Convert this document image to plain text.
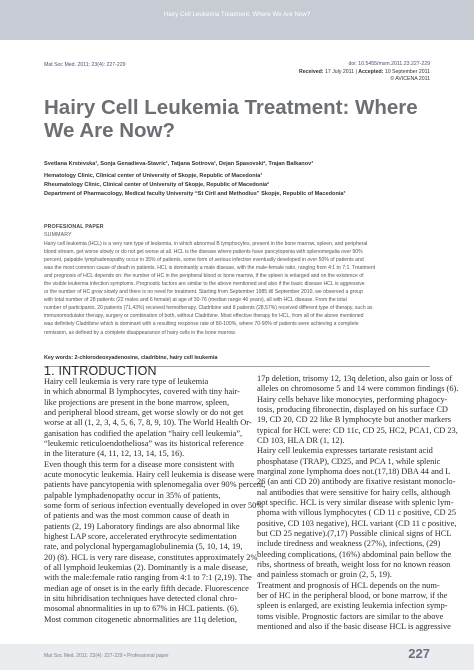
Hairy Cell Leukemia Treatment: Where We Are Now?
Mat Soc Med. 2011; 23(4): 227-229	doi: 10.5455/msm.2011.23.227-229
Received: 17 July 2011 | Accepted: 10 September 2011
© AVICENA 2011
Hairy Cell Leukemia Treatment: Where We Are Now?
Svetlana Krstevska¹, Sonja Genadieva-Stavric¹, Tatjana Sotirova¹, Dejan Spasovski², Trajan Balkanov³
Hematology Clinic, Clinical center of University of Skopje, Republic of Macedonia¹
Rheumatology Clinic, Clinical center of University of Skopje, Republic of Macedonia²
Department of Pharmacology, Medical faculty University “St Ciril and Methodius” Skopje, Republic of Macedonia³
PROFESIONAL PAPER
SUMMARY
Hairy cell leukemia (HCL) is a very rare type of leukemia, in which abnormal B lymphocytes, present in the bone marrow, spleen, and peripheral
blood stream, get worse slowly or do not get worse at all. HCL is the disease where patients have pancytopenia with splenomegalia over 90%
percent, palpable lymphadenopathy occur in 35% of patients, some form of serious infection eventually developed in over 50% of patients and
was the most common cause of death in patients. HCL is dominantly a male disease, with the male-female ratio, ranging from 4:1 to 7:1. Treatment
and prognosis of HCL depends on: the number of HC in the peripheral blood or bone marrow, if the spleen is enlarged and on the existence of
the visible leukemia infection symptoms. Prognostic factors are similar to the above mentioned and also if the basic disease HCL is aggressive
or the number of HC grow slowly and there is no need for treatment. Starting from September 1985 till September 2010, we observed a group
with total number of 28 patients (22 males and 6 female) at age of 30-76 (median range 46 years), all with HCL disease. From the total
number of participants, 20 patients (71,43%) received hemotherapy, Cladribine and 8 patients (28,57%) received different type of therapy, such as
immunomodulator therapy, surgery or combination of both, without Cladribine. Most effective therapy for HCL, from all of the above mentioned
was definitely Cladribine which is dominant with a resulting response rate of 80-100%, where 70-90% of patients were achieving a complete
remission, as defined by a complete disappearance of hairy cells in the bone marrow.
Key words: 2-chlorodeoxyadenosine, cladribine, hairy cell leukemia
1. INTRODUCTION
Hairy cell leukemia is very rare type of leukemia
in which abnormal B lymphocytes, covered with tiny hair-
like projections are present in the bone marrow, spleen,
and peripheral blood stream, get worse slowly or do not get
worse at all (1, 2, 3, 4, 5, 6, 7, 8, 9, 10). The World Health Or-
ganisation has codified the apelation “hairy cell leukemia”,
“leukemic reticuloendotheliosa” was its historical reference
in the literature (4, 11, 12, 13, 14, 15, 16).
Even though this term for a disease more consistent with
acute monocytic leukemia. Hairy cell leukemia is disease were
patients have pancytopenia with splenomegalia over 90% percent,
palpable lymphadenopathy occur in 35% of patients,
some form of serious infection eventually developed in over 50%
of patients and was the most common cause of death in
patients (2, 19) Laboratory findings are also abnormal like
highest LAP score, accelerated erythrocyte sedimentation
rate, and polyclonal hypergamaglobulinemia (5, 10, 14, 19,
20) (8). HCL is very rare disease, constitutes approximately 2%
of all lymphoid leukemias (2). Dominantly is a male disease,
with the male:female ratio ranging from 4:1 to 7:1 (2,19). The
median age of onset is in the early fifth decade. Fluorescence
in situ hibridisation techniques have detected clonal chro-
mosomal abnormalities in up to 67% in HCL patients. (6).
Most common citogenetic abnormalities are 11q deletion,
17p deletion, trisomy 12, 13q deletion, also gain or loss of
alleles on chromosome 5 and 14 were common findings (6).
Hairy cells behave like monocytes, performing phagocy-
tosis, producing fibronectin, displayed on his surface CD
19, CD 20, CD 22 like B lymphocyte but another markers
typical for HCL were: CD 11c, CD 25, HC2, PCA1, CD 23,
CD 103, HLA DR (1, 12).
Hairy cell leukemia expresses tartarate resistant acid
phosphatase (TRAP), CD25, and PCA 1, while splenic
marginal zone lymphoma does not.(17,18) DBA 44 and L
26 (an anti CD 20) antibody are fixative resistant monoclo-
nal antibodies that were sensitive for hairy cells, although
not specific. HCL is very similar disease with splenic lym-
phoma with villous lymphocytes ( CD 11 c positive, CD 25
positive, CD 103 negative), HCL variant (CD 11 c positive,
but CD 25 negative).(7,17) Possible clinical signs of HCL
include tiredness and weakness (27%), infections, (29)
bleeding complications, (16%) abdominal pain bellow the
ribs, shortness of breath, weight loss for no known reason
and painless stomach or groin (2, 5, 19).
Treatment and prognosis of HCL depends on the num-
ber of HC in the peripheral blood, or bone marrow, if the
spleen is enlarged, are existing leukemia infection symp-
toms visible. Prognostic factors are similar to the above
mentioned and also if the basic disease HCL is aggressive
Mat Soc Med. 2011; 23(4): 227-229 • Professional paper	227
